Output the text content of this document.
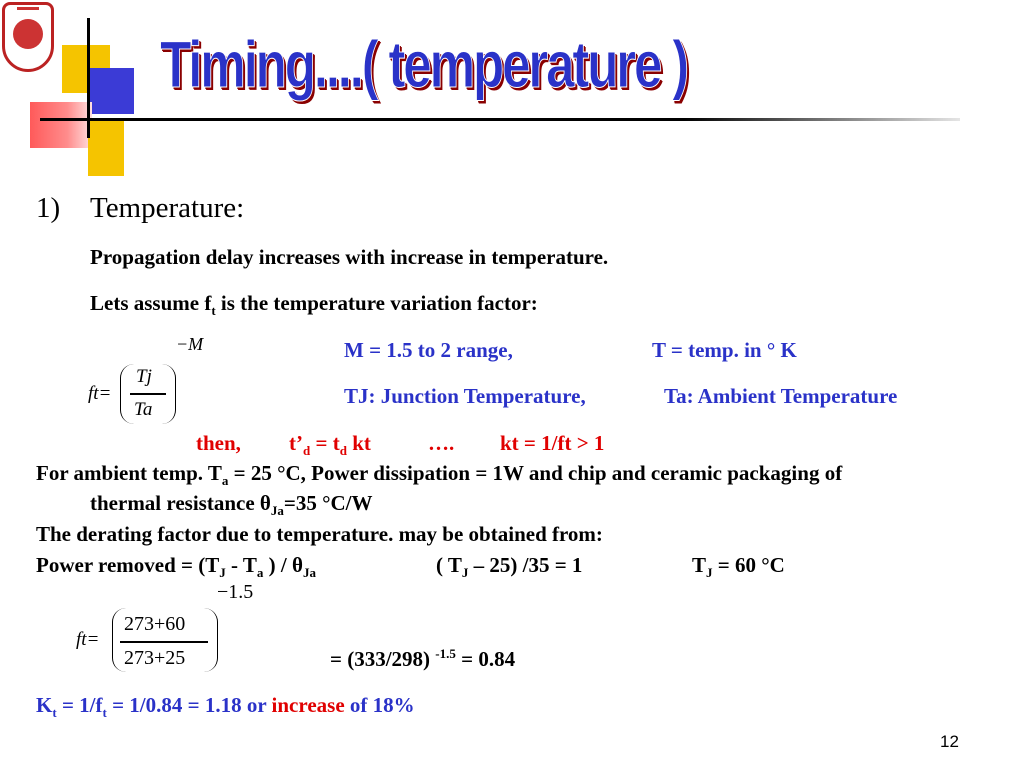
Timing....( temperature )
1) Temperature:
Propagation delay increases with increase in temperature.
Lets assume $f_t$ is the temperature variation factor:
−M
ft=
Tj
Ta
M = 1.5 to 2 range,	T = temp. in ° K
TJ: Junction Temperature,	Ta: Ambient Temperature
then, $t’_d = t_d$ kt	…. kt = 1/ft > 1
For ambient temp. $T_a = 25$ °C, Power dissipation = 1W and chip and ceramic packaging of
thermal resistance $\theta_{Ja}=35$ °C/W
The derating factor due to temperature. may be obtained from:
Power removed = ($T_J - T_a$ ) / $\theta_{Ja}$	( $T_J - 25$) /35 = 1	$T_J = 60$ °C
−1.5
ft=
273+60
273+25	= (333/298) $^{-1.5}$ = 0.84
$K_t = 1/f_t = 1/0.84 = 1.18$ or increase of 18%
12
